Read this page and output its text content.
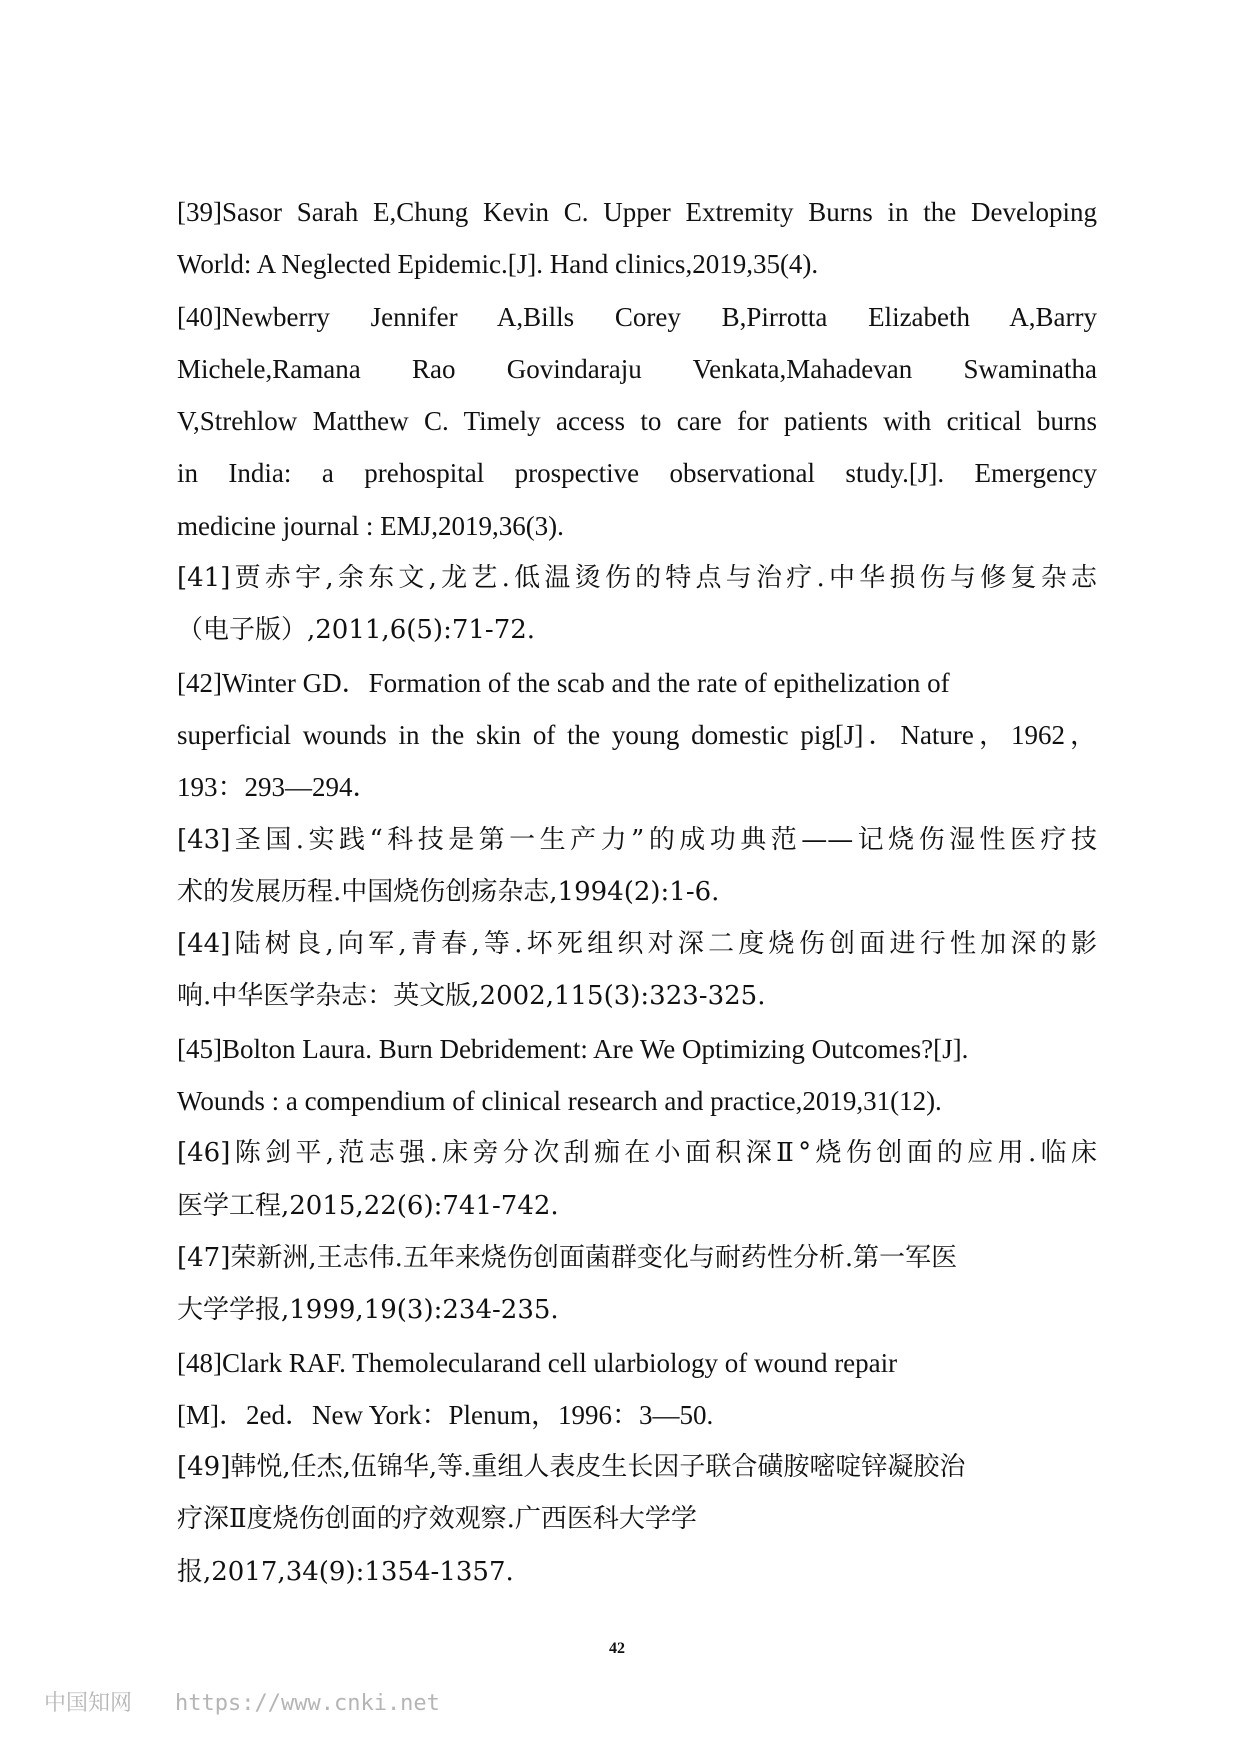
[39]Sasor Sarah E,Chung Kevin C. Upper Extremity Burns in the Developing
World: A Neglected Epidemic.[J]. Hand clinics,2019,35(4).
[40]Newberry Jennifer A,Bills Corey B,Pirrotta Elizabeth A,Barry
Michele,Ramana Rao Govindaraju Venkata,Mahadevan Swaminatha
V,Strehlow Matthew C. Timely access to care for patients with critical burns
in India: a prehospital prospective observational study.[J]. Emergency
medicine journal : EMJ,2019,36(3).
[41]贾赤宇,余东文,龙艺.低温烫伤的特点与治疗.中华损伤与修复杂志
（电子版）,2011,6(5):71-72.
[42]Winter GD．Formation of the scab and the rate of epithelization of
superficial wounds in the skin of the young domestic pig[J]．Nature，1962，
193：293—294．
[43]圣国.实践“科技是第一生产力”的成功典范——记烧伤湿性医疗技
术的发展历程.中国烧伤创疡杂志,1994(2):1-6.
[44]陆树良,向军,青春,等.坏死组织对深二度烧伤创面进行性加深的影
响.中华医学杂志：英文版,2002,115(3):323-325.
[45]Bolton Laura. Burn Debridement: Are We Optimizing Outcomes?[J].
Wounds : a compendium of clinical research and practice,2019,31(12).
[46]陈剑平,范志强.床旁分次刮痂在小面积深Ⅱ°烧伤创面的应用.临床
医学工程,2015,22(6):741-742.
[47]荣新洲,王志伟.五年来烧伤创面菌群变化与耐药性分析.第一军医
大学学报,1999,19(3):234-235.
[48]Clark RAF. Themolecularand cell ularbiology of wound repair
[M]．2ed．New York：Plenum，1996：3—50.
[49]韩悦,任杰,伍锦华,等.重组人表皮生长因子联合磺胺嘧啶锌凝胶治
疗深Ⅱ度烧伤创面的疗效观察.广西医科大学学
报,2017,34(9):1354-1357.
42
中国知网 https://www.cnki.net
